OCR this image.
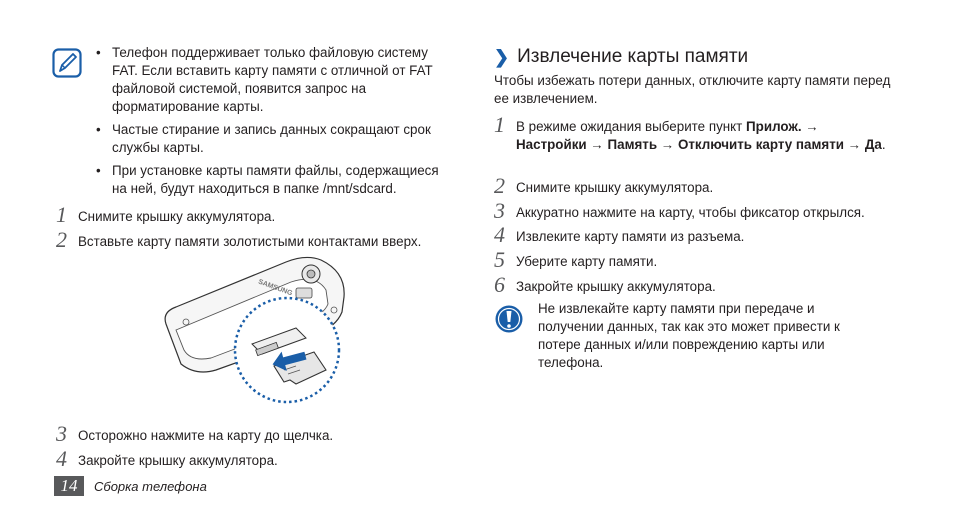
• Телефон поддерживает только файловую систему FAT. Если вставить карту памяти с отличной от FAT файловой системой, появится запрос на форматирование карты.
• Частые стирание и запись данных сокращают срок службы карты.
• При установке карты памяти файлы, содержащиеся на ней, будут находиться в папке /mnt/sdcard.
1 Снимите крышку аккумулятора.
2 Вставьте карту памяти золотистыми контактами вверх.
SAMSUNG
3 Осторожно нажмите на карту до щелчка.
4 Закройте крышку аккумулятора.
❯ Извлечение карты памяти
Чтобы избежать потери данных, отключите карту памяти перед ее извлечением.
1 В режиме ожидания выберите пункт Прилож. → Настройки → Память → Отключить карту памяти → Да.
2 Снимите крышку аккумулятора.
3 Аккуратно нажмите на карту, чтобы фиксатор открылся.
4 Извлеките карту памяти из разъема.
5 Уберите карту памяти.
6 Закройте крышку аккумулятора.
Не извлекайте карту памяти при передаче и получении данных, так как это может привести к потере данных и/или повреждению карты или телефона.
14	Сборка телефона
